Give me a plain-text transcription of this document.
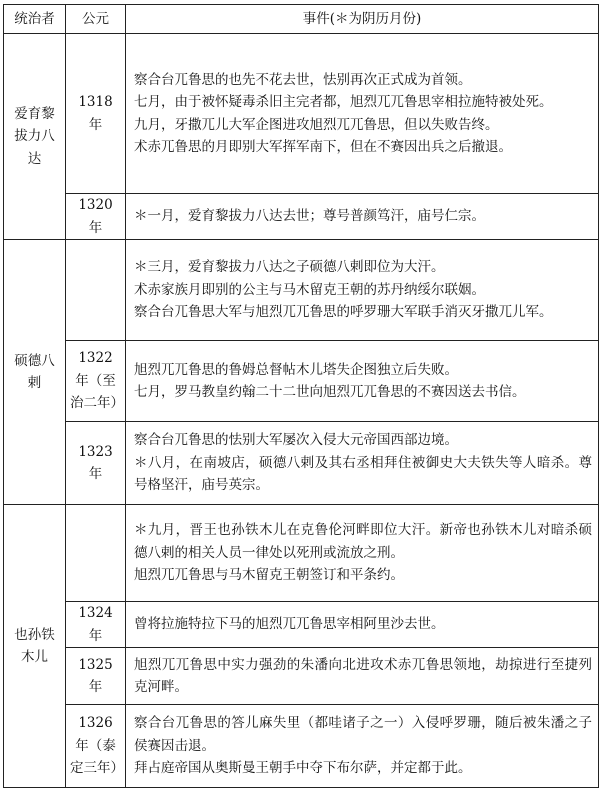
统治者	公元	事件(＊为阴历月份)
爱育黎拔力八达	1318 年	察合台兀鲁思的也先不花去世，怯别再次正式成为首领。
七月，由于被怀疑毒杀旧主完者都，旭烈兀兀鲁思宰相拉施特被处死。
九月，牙撒兀儿大军企图进攻旭烈兀兀鲁思，但以失败告终。
术赤兀鲁思的月即别大军挥军南下，但在不赛因出兵之后撤退。

	1320 年	＊一月，爱育黎拔力八达去世；尊号普颜笃汗，庙号仁宗。

硕德八剌		＊三月，爱育黎拔力八达之子硕德八剌即位为大汗。
术赤家族月即别的公主与马木留克王朝的苏丹纳绥尔联姻。
察合台兀鲁思大军与旭烈兀兀鲁思的呼罗珊大军联手消灭牙撒兀儿军。

	1322 年（至治二年）	旭烈兀兀鲁思的鲁姆总督帖木儿塔失企图独立后失败。
七月，罗马教皇约翰二十二世向旭烈兀兀鲁思的不赛因送去书信。

	1323 年	察合台兀鲁思的怯别大军屡次入侵大元帝国西部边境。
＊八月，在南坡店，硕德八剌及其右丞相拜住被御史大夫铁失等人暗杀。尊号格坚汗，庙号英宗。

也孙铁木儿		＊九月，晋王也孙铁木儿在克鲁伦河畔即位大汗。新帝也孙铁木儿对暗杀硕德八剌的相关人员一律处以死刑或流放之刑。
旭烈兀兀鲁思与马木留克王朝签订和平条约。

	1324 年	曾将拉施特拉下马的旭烈兀兀鲁思宰相阿里沙去世。

	1325 年	旭烈兀兀鲁思中实力强劲的朱潘向北进攻术赤兀鲁思领地，劫掠进行至捷列克河畔。

	1326 年（泰定三年）	察合台兀鲁思的答儿麻失里（都哇诸子之一）入侵呼罗珊，随后被朱潘之子侯赛因击退。
拜占庭帝国从奥斯曼王朝手中夺下布尔萨，并定都于此。
